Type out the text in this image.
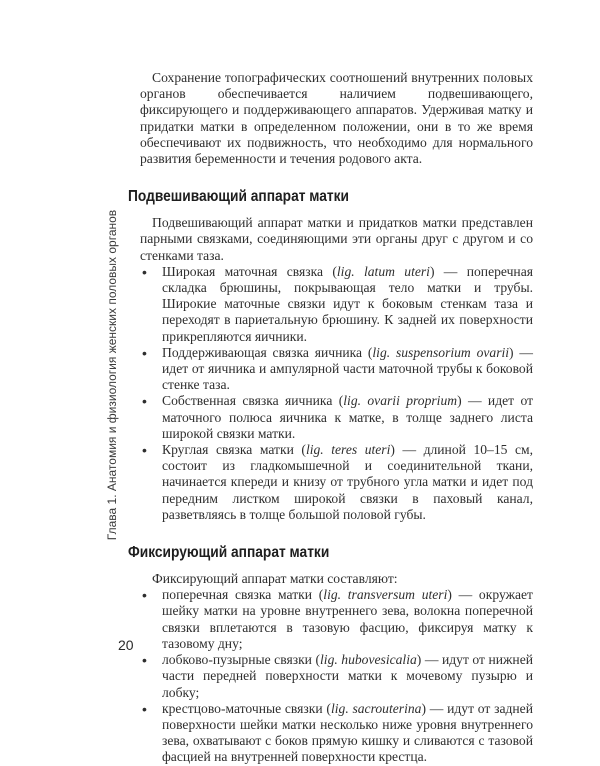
Глава 1. Анатомия и физиология женских половых органов

Сохранение топографических соотношений внутренних половых органов обеспечивается наличием подвешивающего, фиксирующего и поддерживающего аппаратов. Удерживая матку и придатки матки в определенном положении, они в то же время обеспечивают их подвижность, что необходимо для нормального развития беременности и течения родового акта.

Подвешивающий аппарат матки

Подвешивающий аппарат матки и придатков матки представлен парными связками, соединяющими эти органы друг с другом и со стенками таза.

• Широкая маточная связка (lig. latum uteri) — поперечная складка брюшины, покрывающая тело матки и трубы. Широкие маточные связки идут к боковым стенкам таза и переходят в париетальную брюшину. К задней их поверхности прикрепляются яичники.
• Поддерживающая связка яичника (lig. suspensorium ovarii) — идет от яичника и ампулярной части маточной трубы к боковой стенке таза.
• Собственная связка яичника (lig. ovarii proprium) — идет от маточного полюса яичника к матке, в толще заднего листа широкой связки матки.
• Круглая связка матки (lig. teres uteri) — длиной 10–15 см, состоит из гладкомышечной и соединительной ткани, начинается кпереди и книзу от трубного угла матки и идет под передним листком широкой связки в паховый канал, разветвляясь в толще большой половой губы.
Фиксирующий аппарат матки

Фиксирующий аппарат матки составляют:

• поперечная связка матки (lig. transversum uteri) — окружает шейку матки на уровне внутреннего зева, волокна поперечной связки вплетаются в тазовую фасцию, фиксируя матку к тазовому дну;
• лобково-пузырные связки (lig. hubovesicalia) — идут от нижней части передней поверхности матки к мочевому пузырю и лобку;
• крестцово-маточные связки (lig. sacrouterina) — идут от задней поверхности шейки матки несколько ниже уровня внутреннего зева, охватывают с боков прямую кишку и сливаются с тазовой фасцией на внутренней поверхности крестца.
20
